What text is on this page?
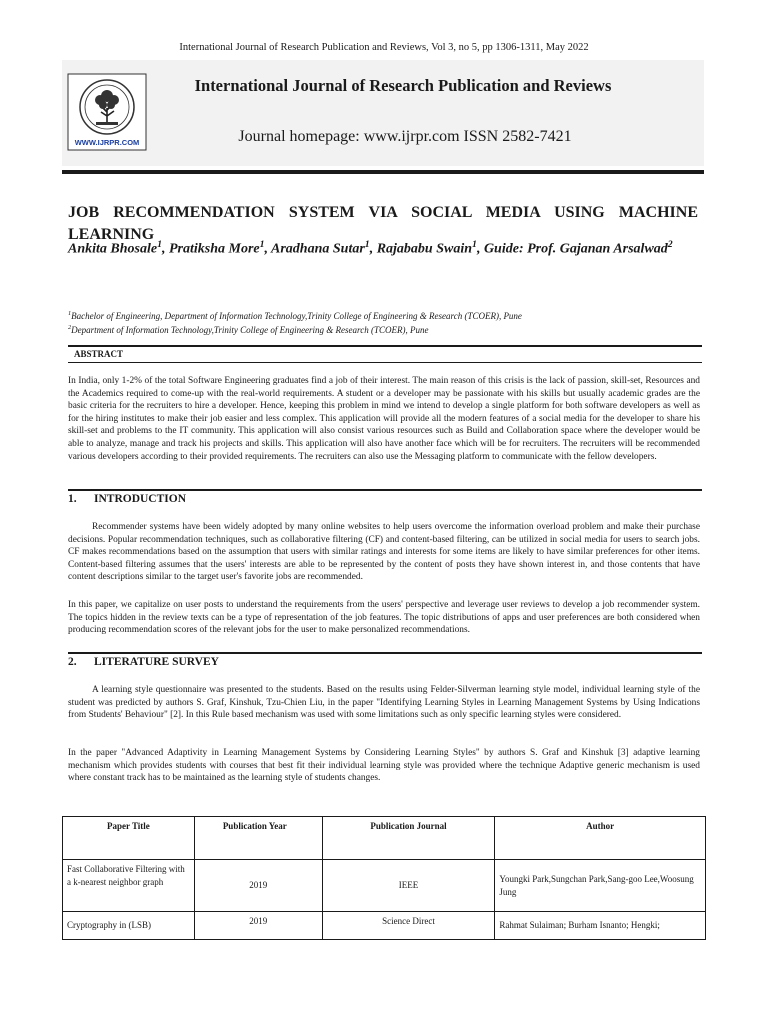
International Journal of Research Publication and Reviews, Vol 3, no 5, pp 1306-1311, May 2022
WWW.IJRPR.COM
International Journal of Research Publication and Reviews
Journal homepage: www.ijrpr.com ISSN 2582-7421
JOB RECOMMENDATION SYSTEM VIA SOCIAL MEDIA USING MACHINE LEARNING
Ankita Bhosale$^1$, Pratiksha More$^1$, Aradhana Sutar$^1$, Rajababu Swain$^1$, Guide: Prof. Gajanan Arsalwad$^2$
$^1$Bachelor of Engineering, Department of Information Technology,Trinity College of Engineering & Research (TCOER), Pune
$^2$Department of Information Technology,Trinity College of Engineering & Research (TCOER), Pune
ABSTRACT
In India, only 1-2% of the total Software Engineering graduates find a job of their interest. The main reason of this crisis is the lack of passion, skill-set, Resources and the Academics required to come-up with the real-world requirements. A student or a developer may be passionate with his skills but usually academic grades are the basic criteria for the recruiters to hire a developer. Hence, keeping this problem in mind we intend to develop a single platform for both software developers as well as for the hiring institutes to make their job easier and less complex. This application will provide all the modern features of a social media for the developer to share his skill-set and problems to the IT community. This application will also consist various resources such as Build and Collaboration space where the developer would be able to analyze, manage and track his projects and skills. This application will also have another face which will be for recruiters. The recruiters will be recommended various developers according to their provided requirements. The recruiters can also use the Messaging platform to communicate with the fellow developers.
1. INTRODUCTION
Recommender systems have been widely adopted by many online websites to help users overcome the information overload problem and make their purchase decisions. Popular recommendation techniques, such as collaborative filtering (CF) and content-based filtering, can be utilized in social media for users to search jobs. CF makes recommendations based on the assumption that users with similar ratings and interests for some items are likely to have similar preferences for other items. Content-based filtering assumes that the users' interests are able to be represented by the content of posts they have shown interest in, and those contents that have content descriptions similar to the target user's favorite jobs are recommended.
In this paper, we capitalize on user posts to understand the requirements from the users' perspective and leverage user reviews to develop a job recommender system. The topics hidden in the review texts can be a type of representation of the job features. The topic distributions of apps and user preferences are both considered when producing recommendation scores of the relevant jobs for the user to make personalized recommendations.
2. LITERATURE SURVEY
A learning style questionnaire was presented to the students. Based on the results using Felder-Silverman learning style model, individual learning style of the student was predicted by authors S. Graf, Kinshuk, Tzu-Chien Liu, in the paper "Identifying Learning Styles in Learning Management Systems by Using Indications from Students' Behaviour" [2]. In this Rule based mechanism was used with some limitations such as only specific learning styles were considered.
In the paper "Advanced Adaptivity in Learning Management Systems by Considering Learning Styles" by authors S. Graf and Kinshuk [3] adaptive learning mechanism which provides students with courses that best fit their individual learning style was provided where the technique Adaptive generic mechanism is used where constant track has to be maintained as the learning style of students changes.
Paper Title	Publication Year	Publication Journal	Author
Fast Collaborative Filtering with a k-nearest neighbor graph	2019	IEEE	Youngki Park,Sungchan Park,Sang-goo Lee,Woosung Jung
Cryptography in (LSB)	2019	Science Direct	Rahmat Sulaiman; Burham Isnanto; Hengki;
